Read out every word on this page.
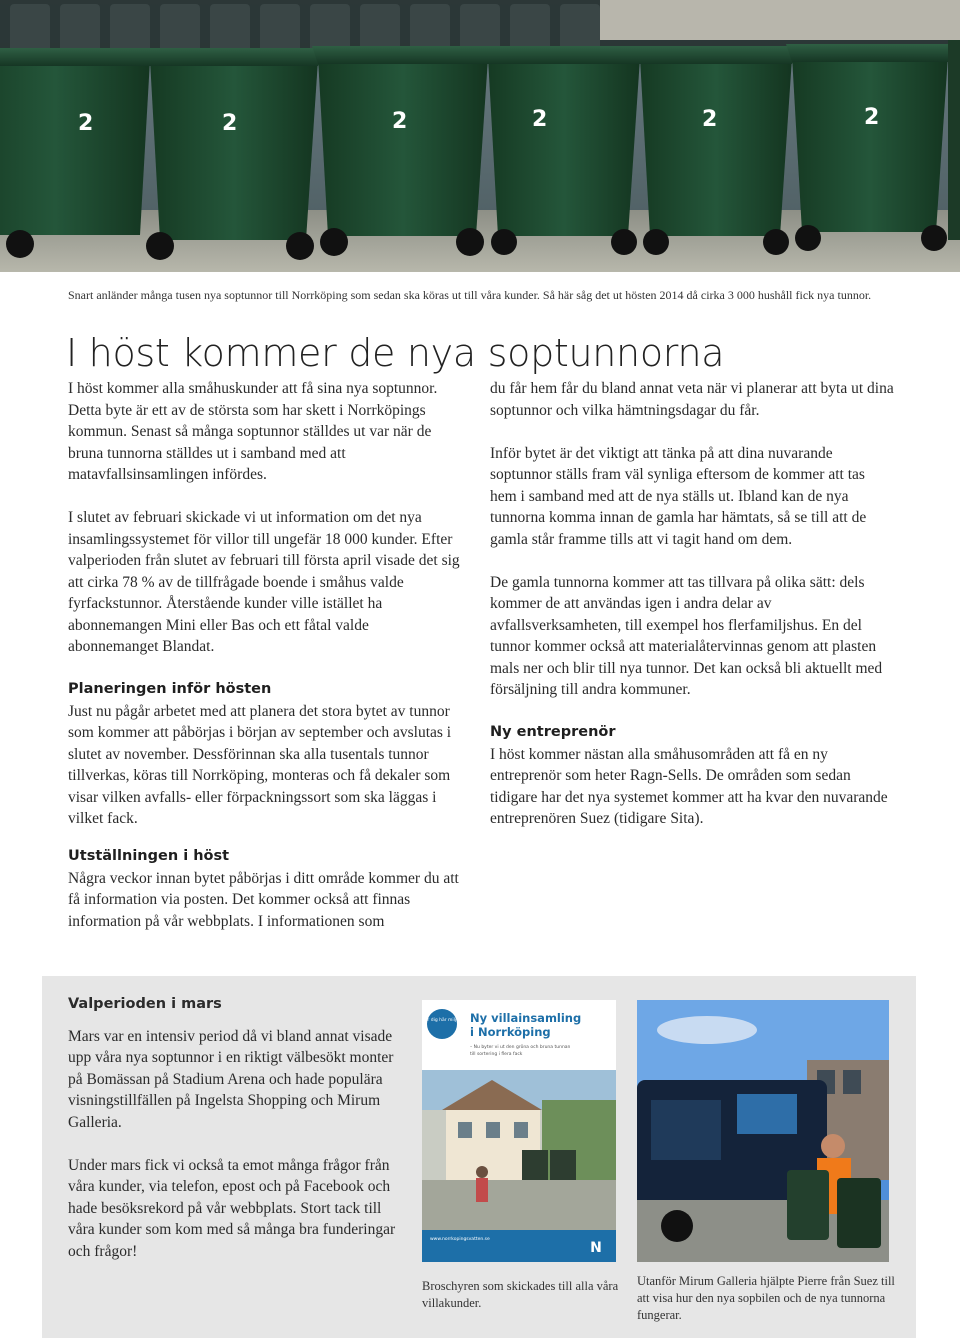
2	2	2	2	2	2
Snart anländer många tusen nya soptunnor till Norrköping som sedan ska köras ut till våra kunder. Så här såg det ut hösten 2014 då cirka 3 000 hushåll fick nya tunnor.
I höst kommer de nya soptunnorna

I höst kommer alla småhuskunder att få sina nya soptunnor. Detta byte är ett av de största som har skett i Norrköpings kommun. Senast så många soptunnor ställdes ut var när de bruna tunnorna ställdes ut i samband med att matavfallsinsamlingen infördes.

I slutet av februari skickade vi ut information om det nya insamlingssystemet för villor till ungefär 18 000 kunder. Efter valperioden från slutet av februari till första april visade det sig att cirka 78 % av de tillfrågade boende i småhus valde fyrfackstunnor. Återstående kunder ville istället ha abonnemangen Mini eller Bas och ett fåtal valde abonnemanget Blandat.

Planeringen inför hösten

Just nu pågår arbetet med att planera det stora bytet av tunnor som kommer att påbörjas i början av september och avslutas i slutet av november. Dessförinnan ska alla tusentals tunnor tillverkas, köras till Norrköping, monteras och få dekaler som visar vilken avfalls- eller förpackningssort som ska läggas i vilket fack.

Utställningen i höst

Några veckor innan bytet påbörjas i ditt område kommer du att få information via posten. Det kommer också att finnas information på vår webbplats. I informationen som

du får hem får du bland annat veta när vi planerar att byta ut dina soptunnor och vilka hämtningsdagar du får.

Inför bytet är det viktigt att tänka på att dina nuvarande soptunnor ställs fram väl synliga eftersom de kommer att tas hem i samband med att de nya ställs ut. Ibland kan de nya tunnorna komma innan de gamla har hämtats, så se till att de gamla står framme tills att vi tagit hand om dem.

De gamla tunnorna kommer att tas tillvara på olika sätt: dels kommer de att användas igen i andra delar av avfallsverksamheten, till exempel hos flerfamiljshus. En del tunnor kommer också att materialåtervinnas genom att plasten mals ner och blir till nya tunnor. Det kan också bli aktuellt med försäljning till andra kommuner.

Ny entreprenör

I höst kommer nästan alla småhusområden att få en ny entreprenör som heter Ragn-Sells. De områden som sedan tidigare har det nya systemet kommer att ha kvar den nuvarande entreprenören Suez (tidigare Sita).

Valperioden i mars

Mars var en intensiv period då vi bland annat visade upp våra nya soptunnor i en riktigt välbesökt monter på Bomässan på Stadium Arena och hade populära visningstillfällen på Ingelsta Shopping och Mirum Galleria.

Under mars fick vi också ta emot många frågor från våra kunder, via telefon, epost och på Facebook och hade besöksrekord på vår webbplats. Stort tack till våra kunder som kom med så många bra funderingar och frågor!

För dig här miljön Ny villainsamling
i Norrköping
– Nu byter vi ut den gröna och bruna tunnan
till sortering i flera fack
www.norrkopingsvatten.se
N
Broschyren som skickades till alla våra villakunder.
Utanför Mirum Galleria hjälpte Pierre från Suez till att visa hur den nya sopbilen och de nya tunnorna fungerar.
